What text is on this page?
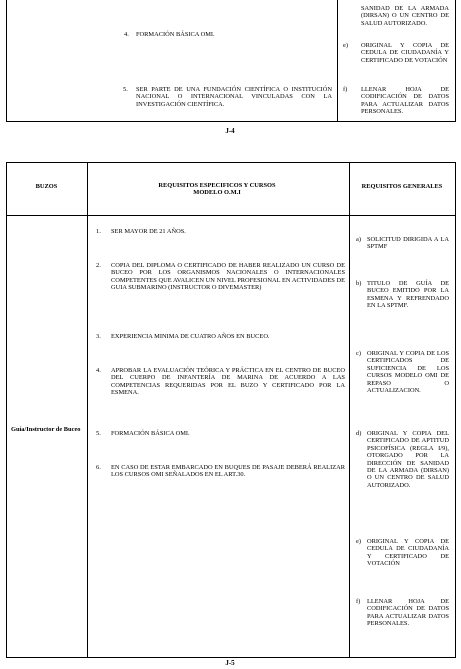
4. FORMACIÓN BÁSICA OMI.
5. SER PARTE DE UNA FUNDACIÓN CIENTÍFICA O INSTITUCIÓN NACIONAL O INTERNACIONAL VINCULADAS CON LA INVESTIGACIÓN CIENTÍFICA.
SANIDAD DE LA ARMADA (DIRSAN) O UN CENTRO DE SALUD AUTORIZADO.
e) ORIGINAL Y COPIA DE CEDULA DE CIUDADANÍA Y CERTIFICADO DE VOTACIÓN
f) LLENAR HOJA DE CODIFICACIÓN DE DATOS PARA ACTUALIZAR DATOS PERSONALES.
J-4
BUZOS	REQUISITOS ESPECIFICOS Y CURSOS MODELO O.M.I
REQUISITOS GENERALES
Guía/Instructor de Buceo
1. SER MAYOR DE 21 AÑOS.
2. COPIA DEL DIPLOMA O CERTIFICADO DE HABER REALIZADO UN CURSO DE BUCEO POR LOS ORGANISMOS NACIONALES O INTERNACIONALES COMPETENTES QUE AVALICEN UN NIVEL PROFESIONAL EN ACTIVIDADES DE GUIA SUBMARINO (INSTRUCTOR O DIVEMASTER)
3. EXPERIENCIA MINIMA DE CUATRO AÑOS EN BUCEO.
4. APROBAR LA EVALUACIÓN TEÓRICA Y PRÁCTICA EN EL CENTRO DE BUCEO DEL CUERPO DE INFANTERÍA DE MARINA DE ACUERDO A LAS COMPETENCIAS REQUERIDAS POR EL BUZO Y CERTIFICADO POR LA ESMENA.
5. FORMACIÓN BÁSICA OMI.
6. EN CASO DE ESTAR EMBARCADO EN BUQUES DE PASAJE DEBERÁ REALIZAR LOS CURSOS OMI SEÑALADOS EN EL ART.30.
a) SOLICITUD DIRIGIDA A LA SPTMF
b) TITULO DE GUÍA DE BUCEO EMITIDO POR LA ESMENA Y REFRENDADO EN LA SPTMF.
c) ORIGINAL Y COPIA DE LOS CERTIFICADOS DE SUFICIENCIA DE LOS CURSOS MODELO OMI DE REPASO O ACTUALIZACION.
d) ORIGINAL Y COPIA DEL CERTIFICADO DE APTITUD PSICOFÍSICA (REGLA I/9), OTORGADO POR LA DIRECCIÓN DE SANIDAD DE LA ARMADA (DIRSAN) O UN CENTRO DE SALUD AUTORIZADO.
e) ORIGINAL Y COPIA DE CEDULA DE CIUDADANÍA Y CERTIFICADO DE VOTACIÓN
f) LLENAR HOJA DE CODIFICACIÓN DE DATOS PARA ACTUALIZAR DATOS PERSONALES.
J-5
